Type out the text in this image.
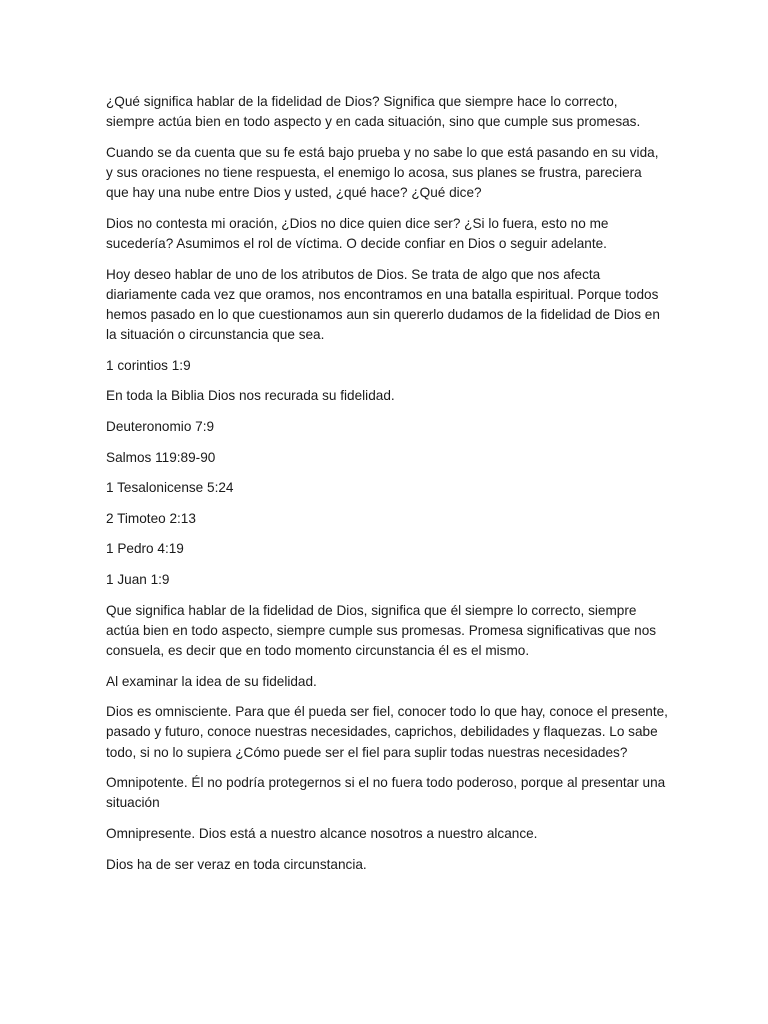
¿Qué significa hablar de la fidelidad de Dios? Significa que siempre hace lo correcto, siempre actúa bien en todo aspecto y en cada situación, sino que cumple sus promesas.

Cuando se da cuenta que su fe está bajo prueba y no sabe lo que está pasando en su vida, y sus oraciones no tiene respuesta, el enemigo lo acosa, sus planes se frustra, pareciera que hay una nube entre Dios y usted, ¿qué hace? ¿Qué dice?

Dios no contesta mi oración, ¿Dios no dice quien dice ser? ¿Si lo fuera, esto no me sucedería? Asumimos el rol de víctima. O decide confiar en Dios o seguir adelante.

Hoy deseo hablar de uno de los atributos de Dios. Se trata de algo que nos afecta diariamente cada vez que oramos, nos encontramos en una batalla espiritual. Porque todos hemos pasado en lo que cuestionamos aun sin quererlo dudamos de la fidelidad de Dios en la situación o circunstancia que sea.

1 corintios 1:9

En toda la Biblia Dios nos recurada su fidelidad.

Deuteronomio 7:9

Salmos 119:89-90

1 Tesalonicense 5:24

2 Timoteo 2:13

1 Pedro 4:19

1 Juan 1:9

Que significa hablar de la fidelidad de Dios, significa que él siempre lo correcto, siempre actúa bien en todo aspecto, siempre cumple sus promesas. Promesa significativas que nos consuela, es decir que en todo momento circunstancia él es el mismo.

Al examinar la idea de su fidelidad.

Dios es omnisciente. Para que él pueda ser fiel, conocer todo lo que hay, conoce el presente, pasado y futuro, conoce nuestras necesidades, caprichos, debilidades y flaquezas. Lo sabe todo, si no lo supiera ¿Cómo puede ser el fiel para suplir todas nuestras necesidades?

Omnipotente. Él no podría protegernos si el no fuera todo poderoso, porque al presentar una situación

Omnipresente. Dios está a nuestro alcance nosotros a nuestro alcance.

Dios ha de ser veraz en toda circunstancia.
